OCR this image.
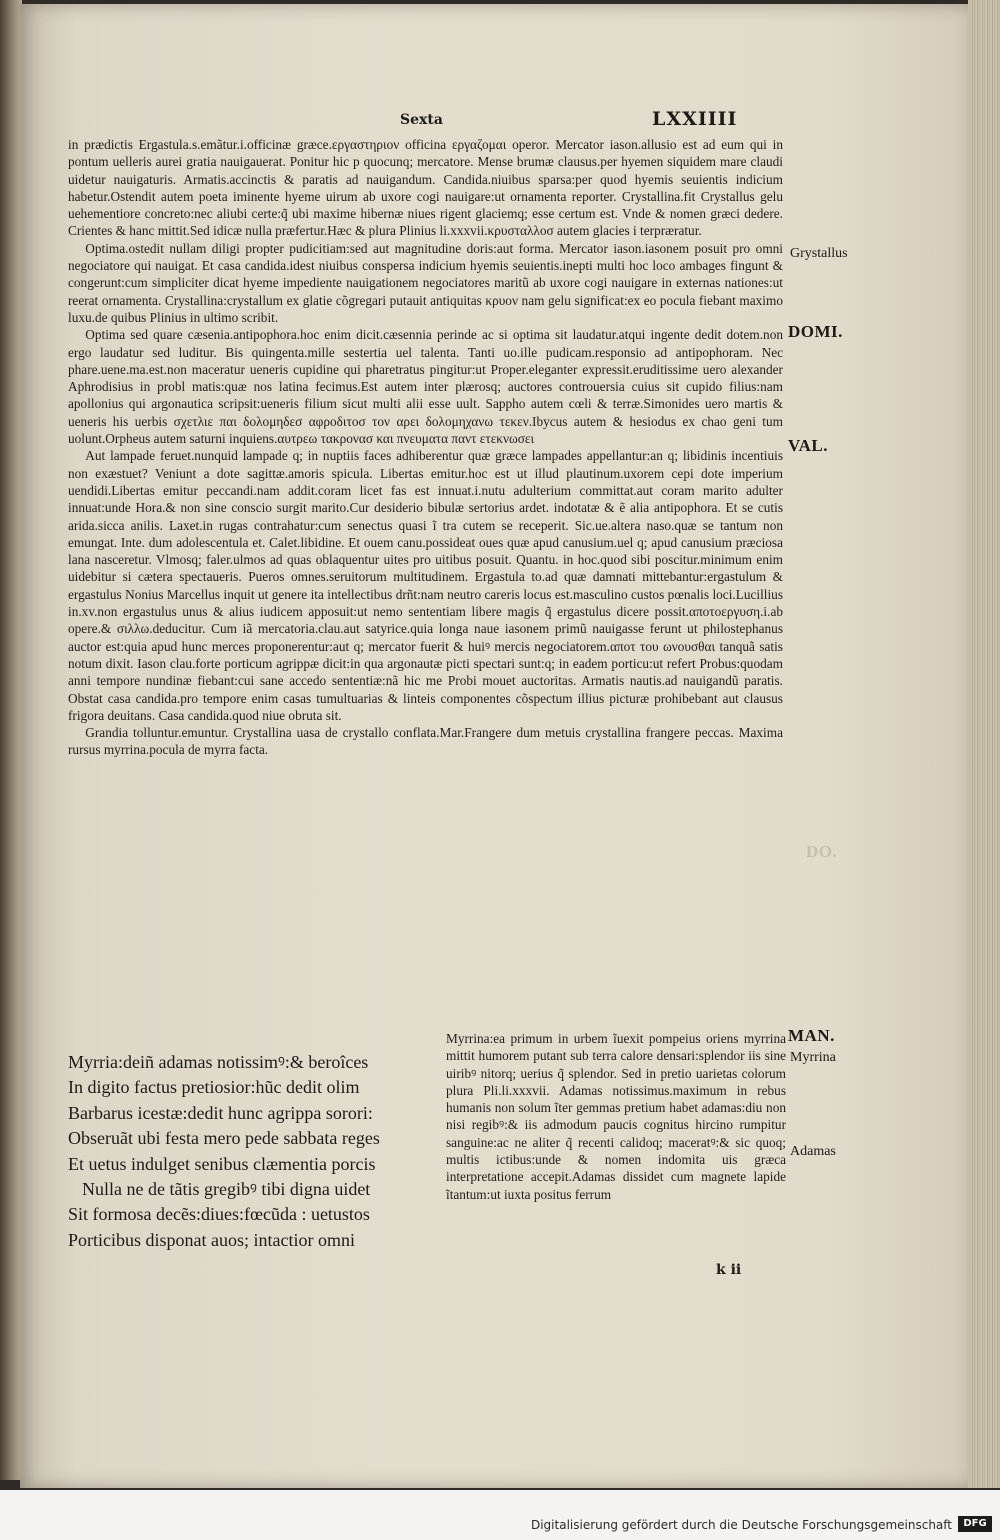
Sexta	LXXIIII

in prædictis Ergastula.s.emãtur.i.officinæ græce.εργαστηριον officina εργαζομαι operor. Mercator iason.allusio est ad eum qui in pontum uelleris aurei gratia nauigauerat. Ponitur hic p quocunq; mercatore. Mense brumæ clausus.per hyemen siquidem mare claudi uidetur nauigaturis. Armatis.accinctis & paratis ad nauigandum. Candida.niuibus sparsa:per quod hyemis seuientis indicium habetur.Ostendit autem poeta iminente hyeme uirum ab uxore cogi nauigare:ut ornamenta reporter. Crystallina.fit Crystallus gelu uehementiore concreto:nec aliubi certe:q̃ ubi maxime hibernæ niues rigent glaciemq; esse certum est. Vnde & nomen græci dedere. Crientes & hanc mittit.Sed idicæ nulla præfertur.Hæc & plura Plinius li.xxxvii.κρυσταλλοσ autem glacies i terpræratur.

Optima.ostedit nullam diligi propter pudicitiam:sed aut magnitudine doris:aut forma. Mercator iason.iasonem posuit pro omni negociatore qui nauigat. Et casa candida.idest niuibus conspersa indicium hyemis seuientis.inepti multi hoc loco ambages fingunt & congerunt:cum simpliciter dicat hyeme impediente nauigationem negociatores maritũ ab uxore cogi nauigare in externas nationes:ut reerat ornamenta. Crystallina:crystallum ex glatie cõgregari putauit antiquitas κρυον nam gelu significat:ex eo pocula fiebant maximo luxu.de quibus Plinius in ultimo scribit.

Optima sed quare cæsenia.antipophora.hoc enim dicit.cæsennia perinde ac si optima sit laudatur.atqui ingente dedit dotem.non ergo laudatur sed luditur. Bis quingenta.mille sestertia uel talenta. Tanti uo.ille pudicam.responsio ad antipophoram. Nec phare.uene.ma.est.non maceratur ueneris cupidine qui pharetratus pingitur:ut Proper.eleganter expressit.eruditissime uero alexander Aphrodisius in probl matis:quæ nos latina fecimus.Est autem inter plærosq; auctores controuersia cuius sit cupido filius:nam apollonius qui argonautica scripsit:ueneris filium sicut multi alii esse uult. Sappho autem cœli & terræ.Simonides uero martis & ueneris his uerbis σχετλιε παι δολομηδεσ αφροδιτοσ τον αρει δολομηχανω τεκεν.Ibycus autem & hesiodus ex chao geni tum uolunt.Orpheus autem saturni inquiens.αυτρεω τακρονασ και πνευματα παντ ετεκνωσει

Aut lampade feruet.nunquid lampade q; in nuptiis faces adhiberentur quæ græce lampades appellantur:an q; libidinis incentiuis non exæstuet? Veniunt a dote sagittæ.amoris spicula. Libertas emitur.hoc est ut illud plautinum.uxorem cepi dote imperium uendidi.Libertas emitur peccandi.nam addit.coram licet fas est innuat.i.nutu adulterium committat.aut coram marito adulter innuat:unde Hora.& non sine conscio surgit marito.Cur desiderio bibulæ sertorius ardet. indotatæ & ẽ alia antipophora. Et se cutis arida.sicca anilis. Laxet.in rugas contrahatur:cum senectus quasi ĩ tra cutem se receperit. Sic.ue.altera naso.quæ se tantum non emungat. Inte. dum adolescentula et. Calet.libidine. Et ouem canu.possideat oues quæ apud canusium.uel q; apud canusium præciosa lana nasceretur. Vlmosq; faler.ulmos ad quas oblaquentur uites pro uitibus posuit. Quantu. in hoc.quod sibi poscitur.minimum enim uidebitur si cætera spectaueris. Pueros omnes.seruitorum multitudinem. Ergastula to.ad quæ damnati mittebantur:ergastulum & ergastulus Nonius Marcellus inquit ut genere ita intellectibus drñt:nam neutro careris locus est.masculino custos pœnalis loci.Lucillius in.xv.non ergastulus unus & alius iudicem apposuit:ut nemo sententiam libere magis q̃ ergastulus dicere possit.αποτοεργυση.i.ab opere.& σιλλω.deducitur. Cum iã mercatoria.clau.aut satyrice.quia longa naue iasonem primũ nauigasse ferunt ut philostephanus auctor est:quia apud hunc merces proponerentur:aut q; mercator fuerit & huiꝰ mercis negociatorem.αποτ του ωνουσθαι tanquã satis notum dixit. Iason clau.forte porticum agrippæ dicit:in qua argonautæ picti spectari sunt:q; in eadem porticu:ut refert Probus:quodam anni tempore nundinæ fiebant:cui sane accedo sententiæ:nã hic me Probi mouet auctoritas. Armatis nautis.ad nauigandũ paratis. Obstat casa candida.pro tempore enim casas tumultuarias & linteis componentes cõspectum illius picturæ prohibebant aut clausus frigora deuitans. Casa candida.quod niue obruta sit.

Grandia tolluntur.emuntur. Crystallina uasa de crystallo conflata.Mar.Frangere dum metuis crystallina frangere peccas. Maxima rursus myrrina.pocula de myrra facta.

Myrria:deiñ adamas notissimꝰ:& beroîces
In digito factus pretiosior:hũc dedit olim
Barbarus icestæ:dedit hunc agrippa sorori:
Obseruãt ubi festa mero pede sabbata reges
Et uetus indulget senibus clæmentia porcis
Nulla ne de tãtis gregibꝰ tibi digna uidet
Sit formosa decẽs:diues:fœcũda : uetustos
Porticibus disponat auos; intactior omni
Myrrina:ea primum in urbem ĩuexit pompeius oriens myrrina mittit humorem putant sub terra calore densari:splendor iis sine uiribꝰ nitorq; uerius q̃ splendor. Sed in pretio uarietas colorum plura Pli.li.xxxvii. Adamas notissimus.maximum in rebus humanis non solum ĩter gemmas pretium habet adamas:diu non nisi regibꝰ:& iis admodum paucis cognitus hircino rumpitur sanguine:ac ne aliter q̃ recenti calidoq; maceratꝰ:& sic quoq; multis ictibus:unde & nomen indomita uis græca interpretatione accepit.Adamas dissidet cum magnete lapide ĩtantum:ut iuxta positus ferrum
k ii
Grystallus
DOMI.
VAL.
DO.
MAN.
Myrrina
Adamas
Digitalisierung gefördert durch die Deutsche Forschungsgemeinschaft	DFG
